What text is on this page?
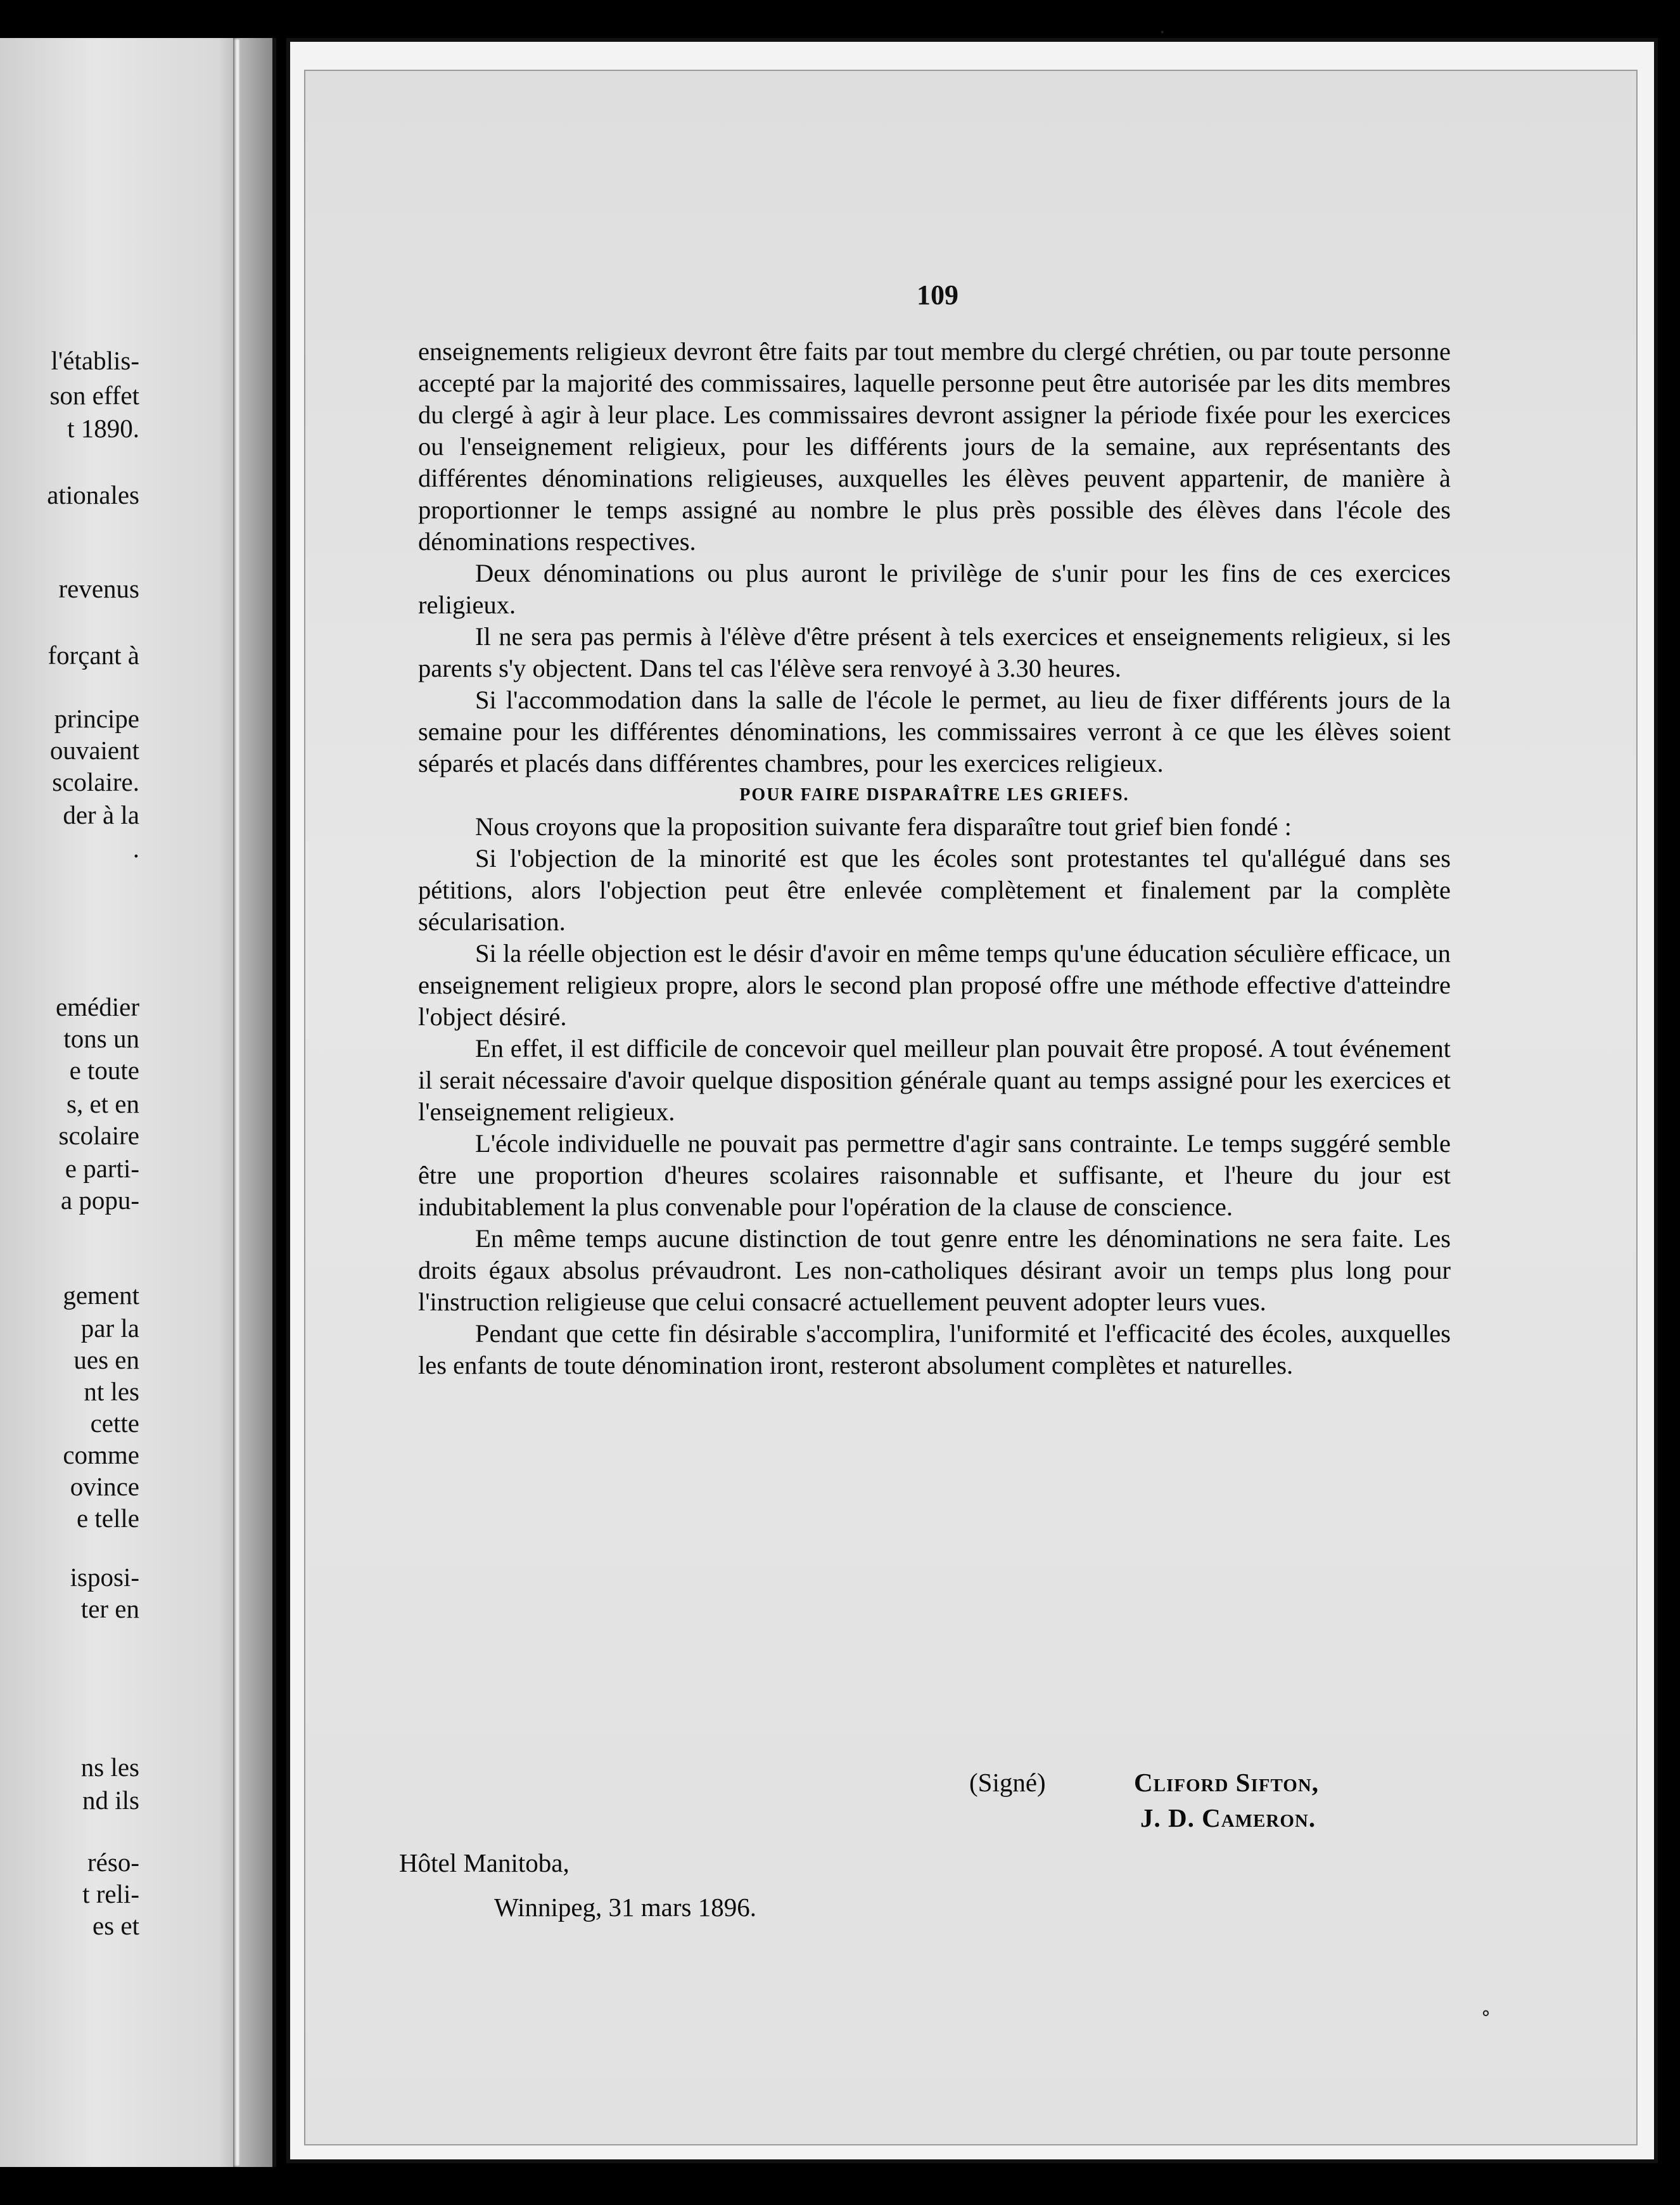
l'établis-
son effet
t 1890.
ationales
revenus
forçant à
principe
ouvaient
scolaire.
der à la
.
emédier
tons un
e toute
s, et en
scolaire
e parti-
a popu-
gement
par la
ues en
nt les
cette
comme
ovince
e telle
isposi-
ter en
ns les
nd ils
réso-
t reli-
es et
109

enseignements religieux devront être faits par tout membre du clergé chrétien, ou par toute personne accepté par la majorité des commissaires, laquelle personne peut être autorisée par les dits membres du clergé à agir à leur place. Les commissaires devront assigner la période fixée pour les exercices ou l'enseignement religieux, pour les différents jours de la semaine, aux représentants des différentes dénominations religieuses, auxquelles les élèves peuvent appartenir, de manière à proportionner le temps assigné au nombre le plus près possible des élèves dans l'école des dénominations respectives.

Deux dénominations ou plus auront le privilège de s'unir pour les fins de ces exercices religieux.

Il ne sera pas permis à l'élève d'être présent à tels exercices et enseignements religieux, si les parents s'y objectent. Dans tel cas l'élève sera renvoyé à 3.30 heures.

Si l'accommodation dans la salle de l'école le permet, au lieu de fixer différents jours de la semaine pour les différentes dénominations, les commissaires verront à ce que les élèves soient séparés et placés dans différentes chambres, pour les exercices religieux.

POUR FAIRE DISPARAÎTRE LES GRIEFS.

Nous croyons que la proposition suivante fera disparaître tout grief bien fondé :

Si l'objection de la minorité est que les écoles sont protestantes tel qu'allégué dans ses pétitions, alors l'objection peut être enlevée complètement et finalement par la complète sécularisation.

Si la réelle objection est le désir d'avoir en même temps qu'une éducation séculière efficace, un enseignement religieux propre, alors le second plan proposé offre une méthode effective d'atteindre l'object désiré.

En effet, il est difficile de concevoir quel meilleur plan pouvait être proposé. A tout événement il serait nécessaire d'avoir quelque disposition générale quant au temps assigné pour les exercices et l'enseignement religieux.

L'école individuelle ne pouvait pas permettre d'agir sans contrainte. Le temps suggéré semble être une proportion d'heures scolaires raisonnable et suffisante, et l'heure du jour est indubitablement la plus convenable pour l'opération de la clause de conscience.

En même temps aucune distinction de tout genre entre les dénominations ne sera faite. Les droits égaux absolus prévaudront. Les non-catholiques désirant avoir un temps plus long pour l'instruction religieuse que celui consacré actuellement peuvent adopter leurs vues.

Pendant que cette fin désirable s'accomplira, l'uniformité et l'efficacité des écoles, auxquelles les enfants de toute dénomination iront, resteront absolument complètes et naturelles.

(Signé)	Cliford Sifton,
J. D. Cameron.
Hôtel Manitoba,
Winnipeg, 31 mars 1896.
·
°
